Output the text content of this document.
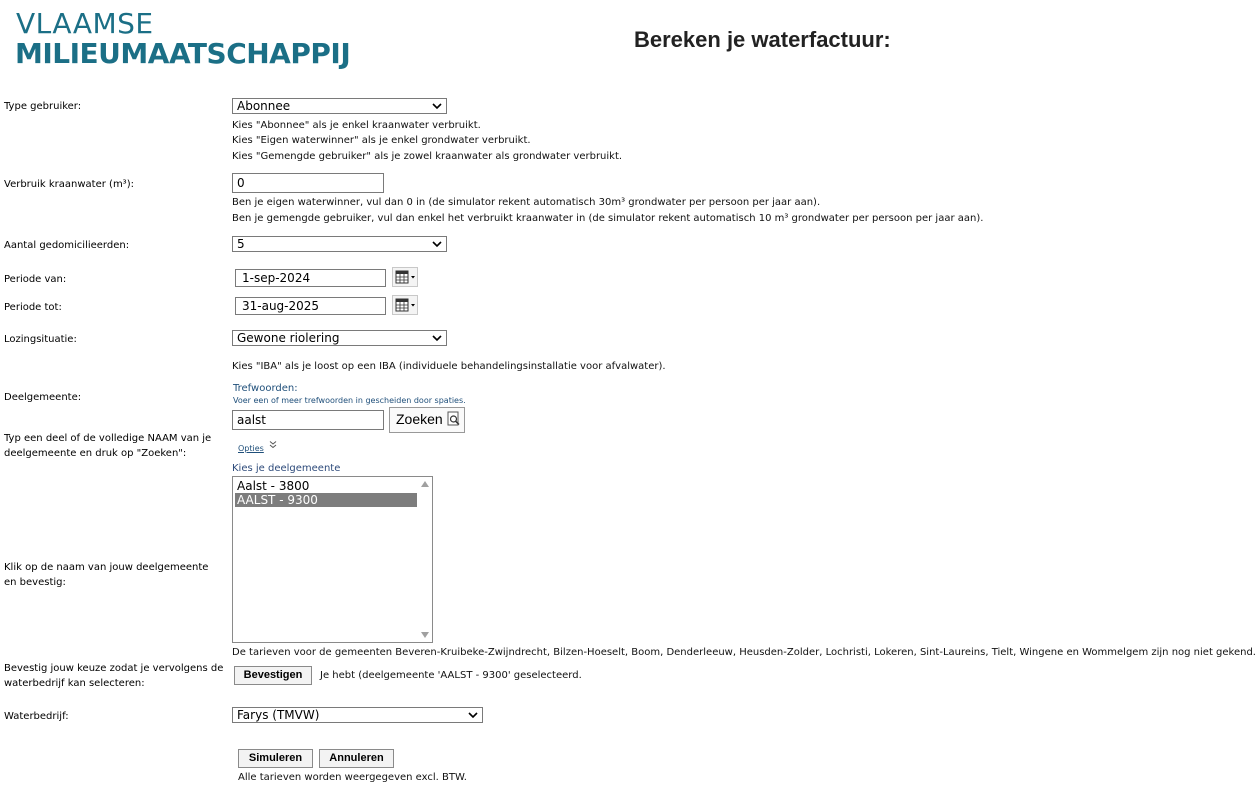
VLAAMSE
MILIEUMAATSCHAPPIJ	Bereken je waterfactuur:
Type gebruiker:	Abonnee
Kies "Abonnee" als je enkel kraanwater verbruikt.
Kies "Eigen waterwinner" als je enkel grondwater verbruikt.
Kies "Gemengde gebruiker" als je zowel kraanwater als grondwater verbruikt.
Verbruik kraanwater (m³):	0
Ben je eigen waterwinner, vul dan 0 in (de simulator rekent automatisch 30m³ grondwater per persoon per jaar aan).
Ben je gemengde gebruiker, vul dan enkel het verbruikt kraanwater in (de simulator rekent automatisch 10 m³ grondwater per persoon per jaar aan).
Aantal gedomicilieerden:	5
Periode van:	1-sep-2024
Periode tot:	31-aug-2025
Lozingsituatie:	Gewone riolering
Kies "IBA" als je loost op een IBA (individuele behandelingsinstallatie voor afvalwater).
Deelgemeente:
Trefwoorden:
Voer een of meer trefwoorden in gescheiden door spaties.
aalst	Zoeken
Typ een deel of de volledige NAAM van je deelgemeente en druk op "Zoeken":	Opties
Kies je deelgemeente
Aalst - 3800
AALST - 9300
Klik op de naam van jouw deelgemeente en bevestig:
De tarieven voor de gemeenten Beveren-Kruibeke-Zwijndrecht, Bilzen-Hoeselt, Boom, Denderleeuw, Heusden-Zolder, Lochristi, Lokeren, Sint-Laureins, Tielt, Wingene en Wommelgem zijn nog niet gekend.
Bevestig jouw keuze zodat je vervolgens de waterbedrijf kan selecteren:
Bevestigen	Je hebt (deelgemeente 'AALST - 9300' geselecteerd.
Waterbedrijf:	Farys (TMVW)
Simuleren	Annuleren
Alle tarieven worden weergegeven excl. BTW.
